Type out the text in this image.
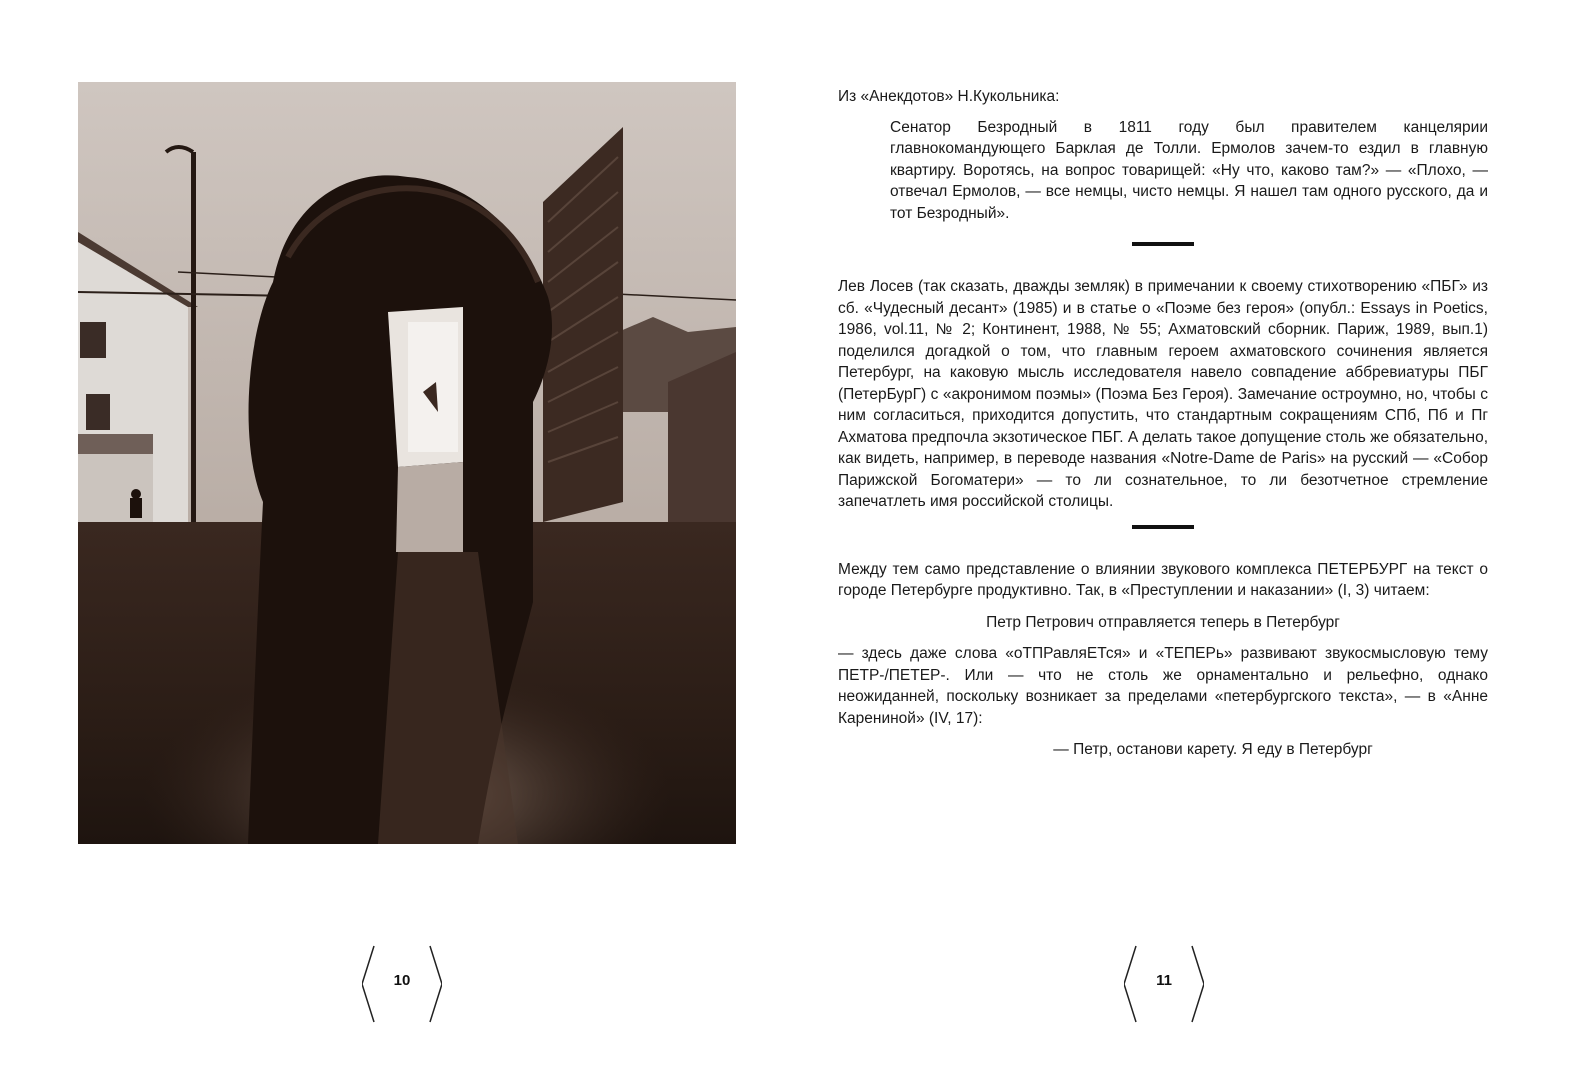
Из «Анекдотов» Н.Кукольника:

Сенатор Безродный в 1811 году был правителем канцелярии главнокомандующего Барклая де Толли. Ермолов зачем-то ездил в главную квартиру. Воротясь, на вопрос товарищей: «Ну что, каково там?» — «Плохо, — отвечал Ермолов, — все немцы, чисто немцы. Я нашел там одного русского, да и тот Безродный».

Лев Лосев (так сказать, дважды земляк) в примечании к своему стихотворению «ПБГ» из сб. «Чудесный десант» (1985) и в статье о «Поэме без героя» (опубл.: Essays in Poetics, 1986, vol.11, № 2; Континент, 1988, № 55; Ахматовский сборник. Париж, 1989, вып.1) поделился догадкой о том, что главным героем ахматовского сочинения является Петербург, на каковую мысль исследователя навело совпадение аббревиатуры ПБГ (ПетерБурГ) с «акронимом поэмы» (Поэма Без Героя). Замечание остроумно, но, чтобы с ним согласиться, приходится допустить, что стандартным сокращениям СПб, Пб и Пг Ахматова предпочла экзотическое ПБГ. А делать такое допущение столь же обязательно, как видеть, например, в переводе названия «Notre-Dame de Paris» на русский — «Собор Парижской Богоматери» — то ли сознательное, то ли безотчетное стремление запечатлеть имя российской столицы.

Между тем само представление о влиянии звукового комплекса ПЕТЕРБУРГ на текст о городе Петербурге продуктивно. Так, в «Преступлении и наказании» (I, 3) читаем:

Петр Петрович отправляется теперь в Петербург

— здесь даже слова «оТПРавляЕТся» и «ТЕПЕРь» развивают звукосмысловую тему ПЕТР-/ПЕТЕР-. Или — что не столь же орнаментально и рельефно, однако неожиданней, поскольку возникает за пределами «петербургского текста», — в «Анне Карениной» (IV, 17):

— Петр, останови карету. Я еду в Петербург

10	11
